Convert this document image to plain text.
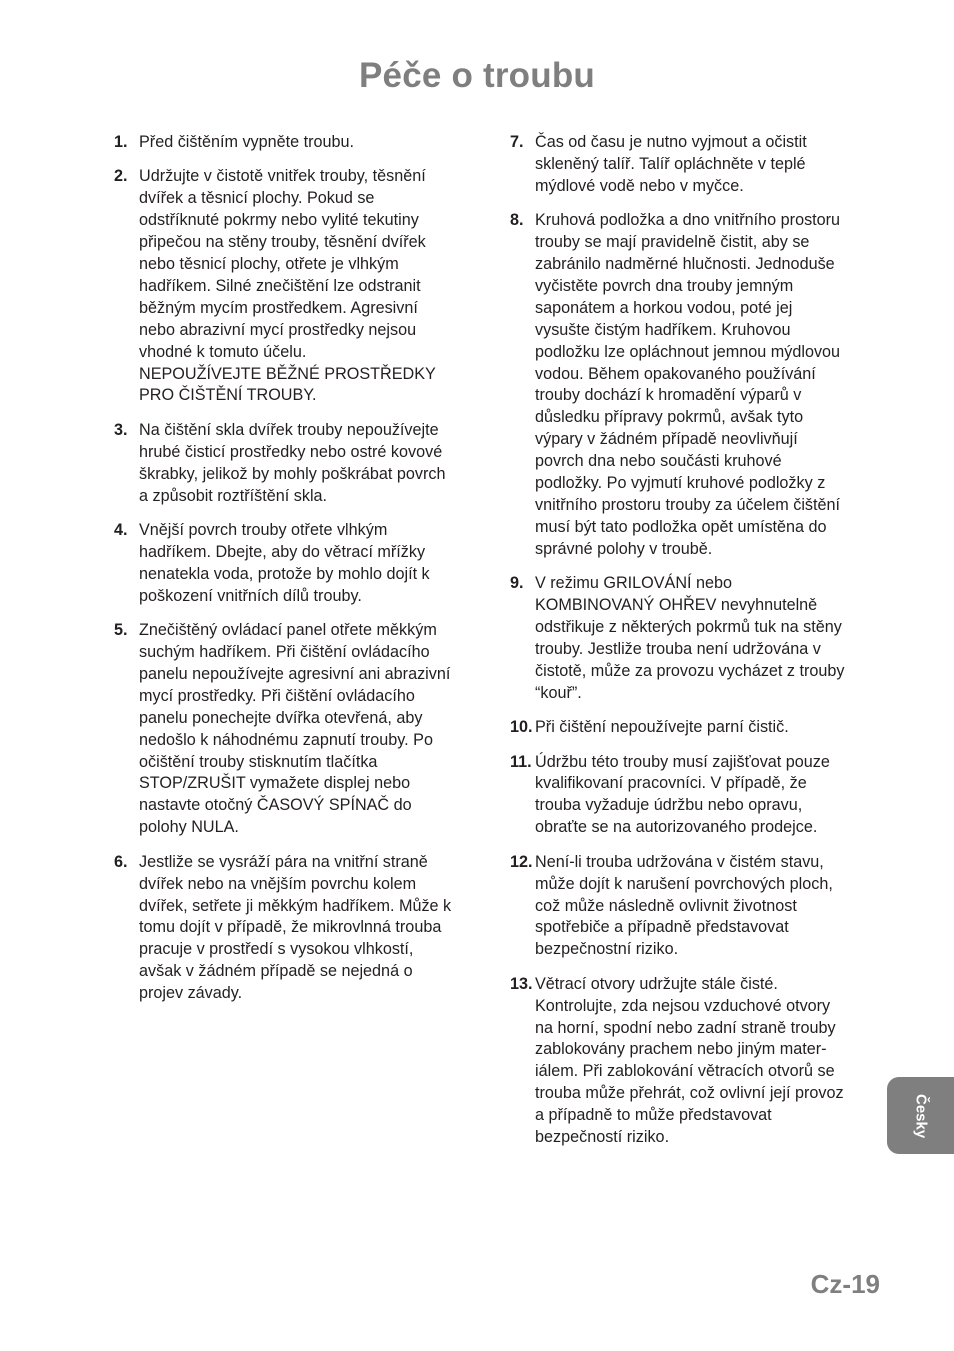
Péče o troubu
1. Před čištěním vypněte troubu.
2. Udržujte v čistotě vnitřek trouby, těsnění
dvířek a těsnicí plochy. Pokud se
odstříknuté pokrmy nebo vylité tekutiny
připečou na stěny trouby, těsnění dvířek
nebo těsnicí plochy, otřete je vlhkým
hadříkem. Silné znečištění lze odstranit
běžným mycím prostředkem. Agresivní
nebo abrazivní mycí prostředky nejsou
vhodné k tomuto účelu.
NEPOUŽÍVEJTE BĚŽNÉ PROSTŘEDKY
PRO ČIŠTĚNÍ TROUBY.
3. Na čištění skla dvířek trouby nepoužívejte
hrubé čisticí prostředky nebo ostré kovové
škrabky, jelikož by mohly poškrábat povrch
a způsobit roztříštění skla.
4. Vnější povrch trouby otřete vlhkým
hadříkem. Dbejte, aby do větrací mřížky
nenatekla voda, protože by mohlo dojít k
poškození vnitřních dílů trouby.
5. Znečištěný ovládací panel otřete měkkým
suchým hadříkem. Při čištění ovládacího
panelu nepoužívejte agresivní ani abrazivní
mycí prostředky. Při čištění ovládacího
panelu ponechejte dvířka otevřená, aby
nedošlo k náhodnému zapnutí trouby. Po
očištění trouby stisknutím tlačítka
STOP/ZRUŠIT vymažete displej nebo
nastavte otočný ČASOVÝ SPÍNAČ do
polohy NULA.
6. Jestliže se vysráží pára na vnitřní straně
dvířek nebo na vnějším povrchu kolem
dvířek, setřete ji měkkým hadříkem. Může k
tomu dojít v případě, že mikrovlnná trouba
pracuje v prostředí s vysokou vlhkostí,
avšak v žádném případě se nejedná o
projev závady.
7. Čas od času je nutno vyjmout a očistit
skleněný talíř. Talíř opláchněte v teplé
mýdlové vodě nebo v myčce.
8. Kruhová podložka a dno vnitřního prostoru
trouby se mají pravidelně čistit, aby se
zabránilo nadměrné hlučnosti. Jednoduše
vyčistěte povrch dna trouby jemným
saponátem a horkou vodou, poté jej
vysušte čistým hadříkem. Kruhovou
podložku lze opláchnout jemnou mýdlovou
vodou. Během opakovaného používání
trouby dochází k hromadění výparů v
důsledku přípravy pokrmů, avšak tyto
výpary v žádném případě neovlivňují
povrch dna nebo součásti kruhové
podložky. Po vyjmutí kruhové podložky z
vnitřního prostoru trouby za účelem čištění
musí být tato podložka opět umístěna do
správné polohy v troubě.
9. V režimu GRILOVÁNÍ nebo
KOMBINOVANÝ OHŘEV nevyhnutelně
odstřikuje z některých pokrmů tuk na stěny
trouby. Jestliže trouba není udržována v
čistotě, může za provozu vycházet z trouby
“kouř”.
10. Při čištění nepoužívejte parní čistič.
11. Údržbu této trouby musí zajišťovat pouze
kvalifikovaní pracovníci. V případě, že
trouba vyžaduje údržbu nebo opravu,
obraťte se na autorizovaného prodejce.
12. Není-li trouba udržována v čistém stavu,
může dojít k narušení povrchových ploch,
což může následně ovlivnit životnost
spotřebiče a případně představovat
bezpečnostní riziko.
13. Větrací otvory udržujte stále čisté.
Kontrolujte, zda nejsou vzduchové otvory
na horní, spodní nebo zadní straně trouby
zablokovány prachem nebo jiným mater-
iálem. Při zablokování větracích otvorů se
trouba může přehrát, což ovlivní její provoz
a případně to může představovat
bezpečností riziko.	Česky
Cz-19
